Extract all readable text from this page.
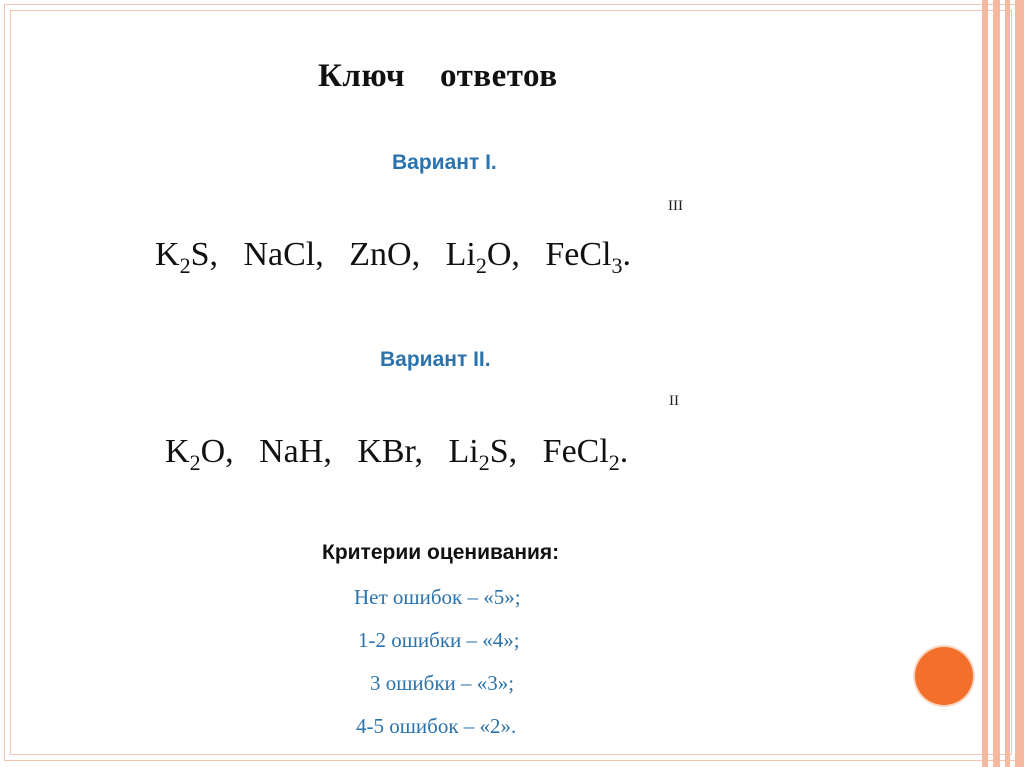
Ключ    ответов
Вариант I.
III
$K_2S$,   NaCl,   ZnO,   $Li_2O$,   FeCl$_3$.
Вариант II.
II
$K_2O$,   NaH,   KBr,   $Li_2S$,   FeCl$_2$.
Критерии оценивания:
Нет ошибок – «5»;
1-2 ошибки – «4»;
3 ошибки – «3»;
4-5 ошибок – «2».
